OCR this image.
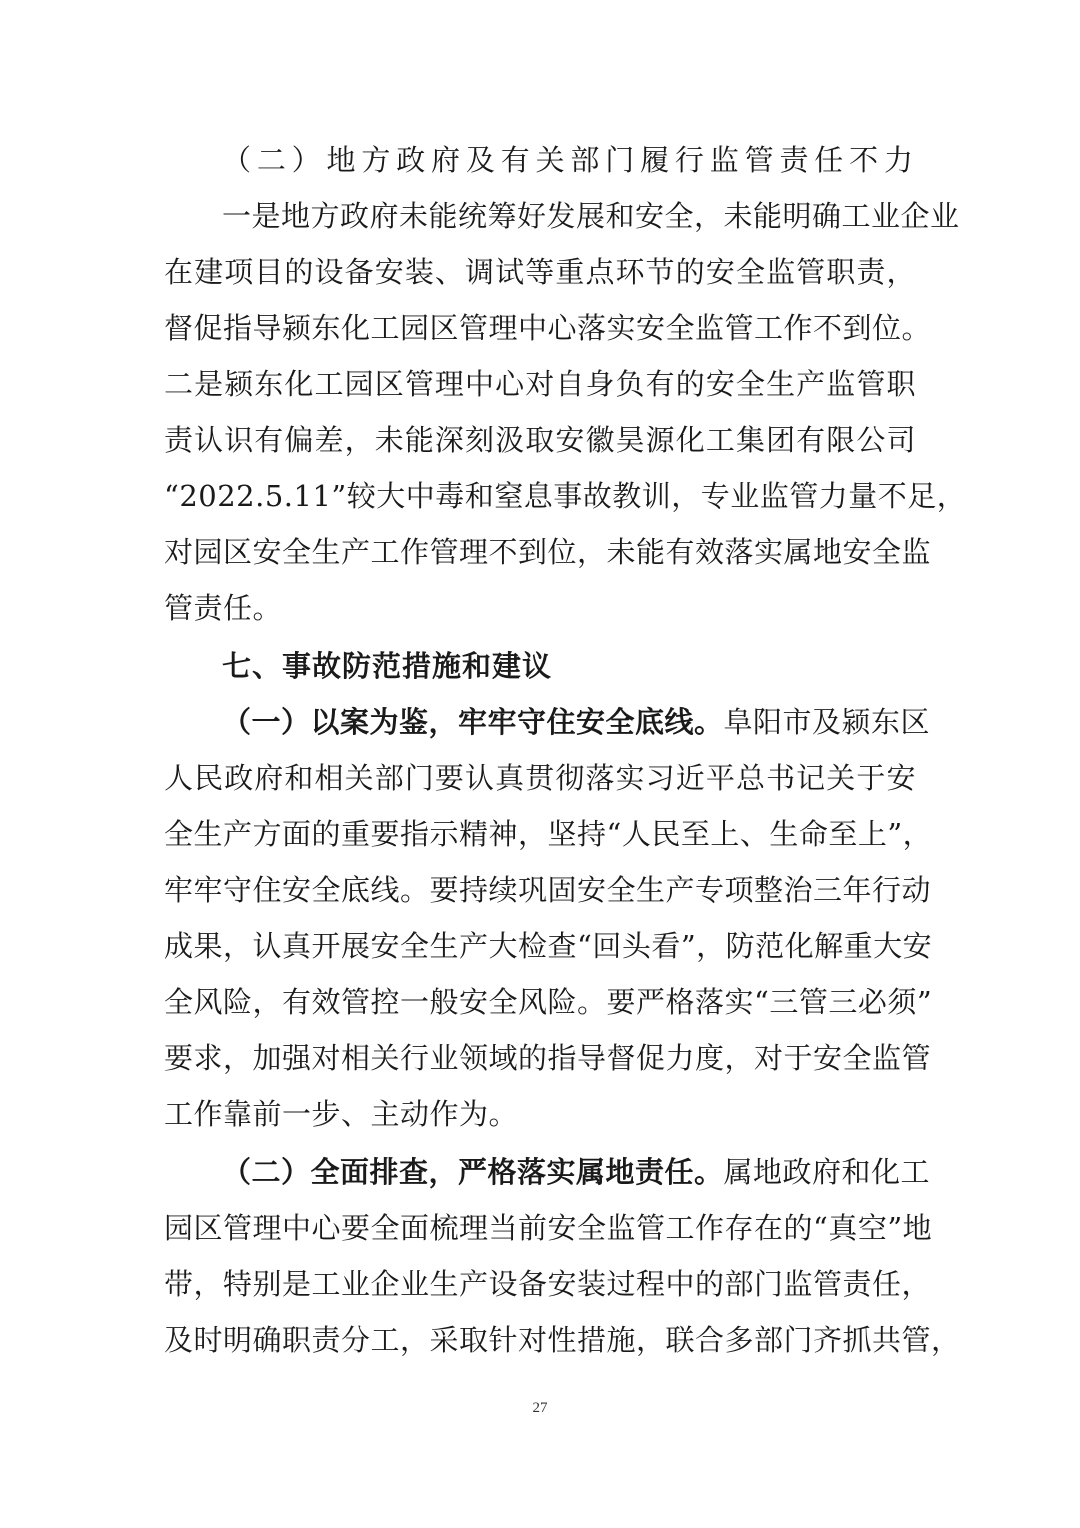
（二）地方政府及有关部门履行监管责任不力
一是地方政府未能统筹好发展和安全，未能明确工业企业
在建项目的设备安装、调试等重点环节的安全监管职责，
督促指导颍东化工园区管理中心落实安全监管工作不到位。
二是颍东化工园区管理中心对自身负有的安全生产监管职
责认识有偏差，未能深刻汲取安徽昊源化工集团有限公司
“2022.5.11”较大中毒和窒息事故教训，专业监管力量不足，
对园区安全生产工作管理不到位，未能有效落实属地安全监
管责任。
七、事故防范措施和建议
（一）以案为鉴，牢牢守住安全底线。阜阳市及颍东区
人民政府和相关部门要认真贯彻落实习近平总书记关于安
全生产方面的重要指示精神，坚持“人民至上、生命至上”，
牢牢守住安全底线。要持续巩固安全生产专项整治三年行动
成果，认真开展安全生产大检查“回头看”，防范化解重大安
全风险，有效管控一般安全风险。要严格落实“三管三必须”
要求，加强对相关行业领域的指导督促力度，对于安全监管
工作靠前一步、主动作为。
（二）全面排查，严格落实属地责任。属地政府和化工
园区管理中心要全面梳理当前安全监管工作存在的“真空”地
带，特别是工业企业生产设备安装过程中的部门监管责任，
及时明确职责分工，采取针对性措施，联合多部门齐抓共管，
27
